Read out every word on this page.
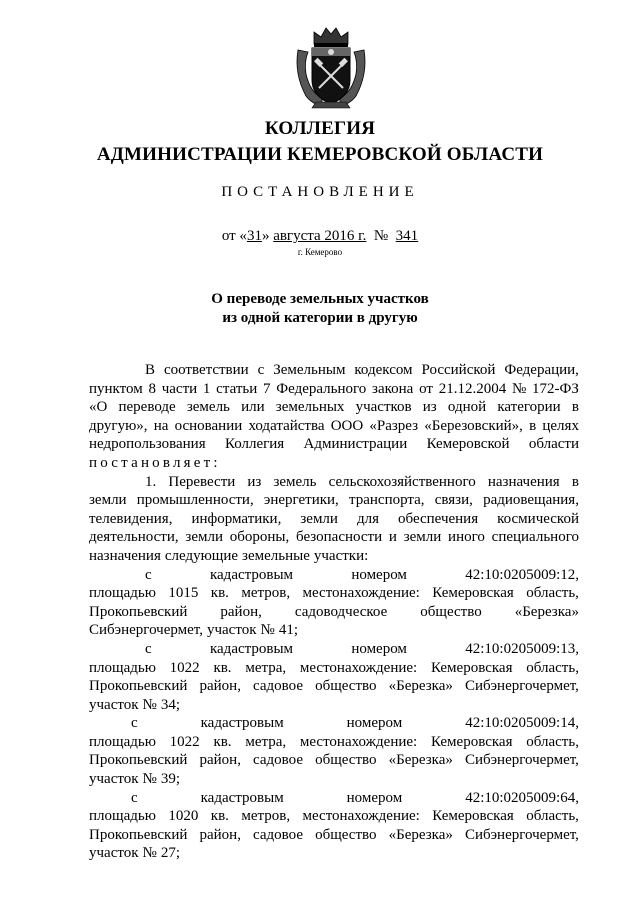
КОЛЛЕГИЯ
АДМИНИСТРАЦИИ КЕМЕРОВСКОЙ ОБЛАСТИ
ПОСТАНОВЛЕНИЕ
от «31» августа 2016 г. № 341
г. Кемерово
О переводе земельных участков
из одной категории в другую
В соответствии с Земельным кодексом Российской Федерации,
пунктом 8 части 1 статьи 7 Федерального закона от 21.12.2004 № 172-ФЗ
«О переводе земель или земельных участков из одной категории в
другую», на основании ходатайства ООО «Разрез «Березовский», в целях
недропользования Коллегия Администрации Кемеровской области
постановляет:
1. Перевести из земель сельскохозяйственного назначения в
земли промышленности, энергетики, транспорта, связи, радиовещания,
телевидения, информатики, земли для обеспечения космической
деятельности, земли обороны, безопасности и земли иного специального
назначения следующие земельные участки:
с	кадастровым	номером	42:10:0205009:12,
площадью 1015 кв. метров, местонахождение: Кемеровская область,
Прокопьевский район, садоводческое общество «Березка»
Сибэнергочермет, участок № 41;
с	кадастровым	номером	42:10:0205009:13,
площадью 1022 кв. метра, местонахождение: Кемеровская область,
Прокопьевский район, садовое общество «Березка» Сибэнергочермет,
участок № 34;
с	кадастровым	номером	42:10:0205009:14,
площадью 1022 кв. метра, местонахождение: Кемеровская область,
Прокопьевский район, садовое общество «Березка» Сибэнергочермет,
участок № 39;
с	кадастровым	номером	42:10:0205009:64,
площадью 1020 кв. метров, местонахождение: Кемеровская область,
Прокопьевский район, садовое общество «Березка» Сибэнергочермет,
участок № 27;
